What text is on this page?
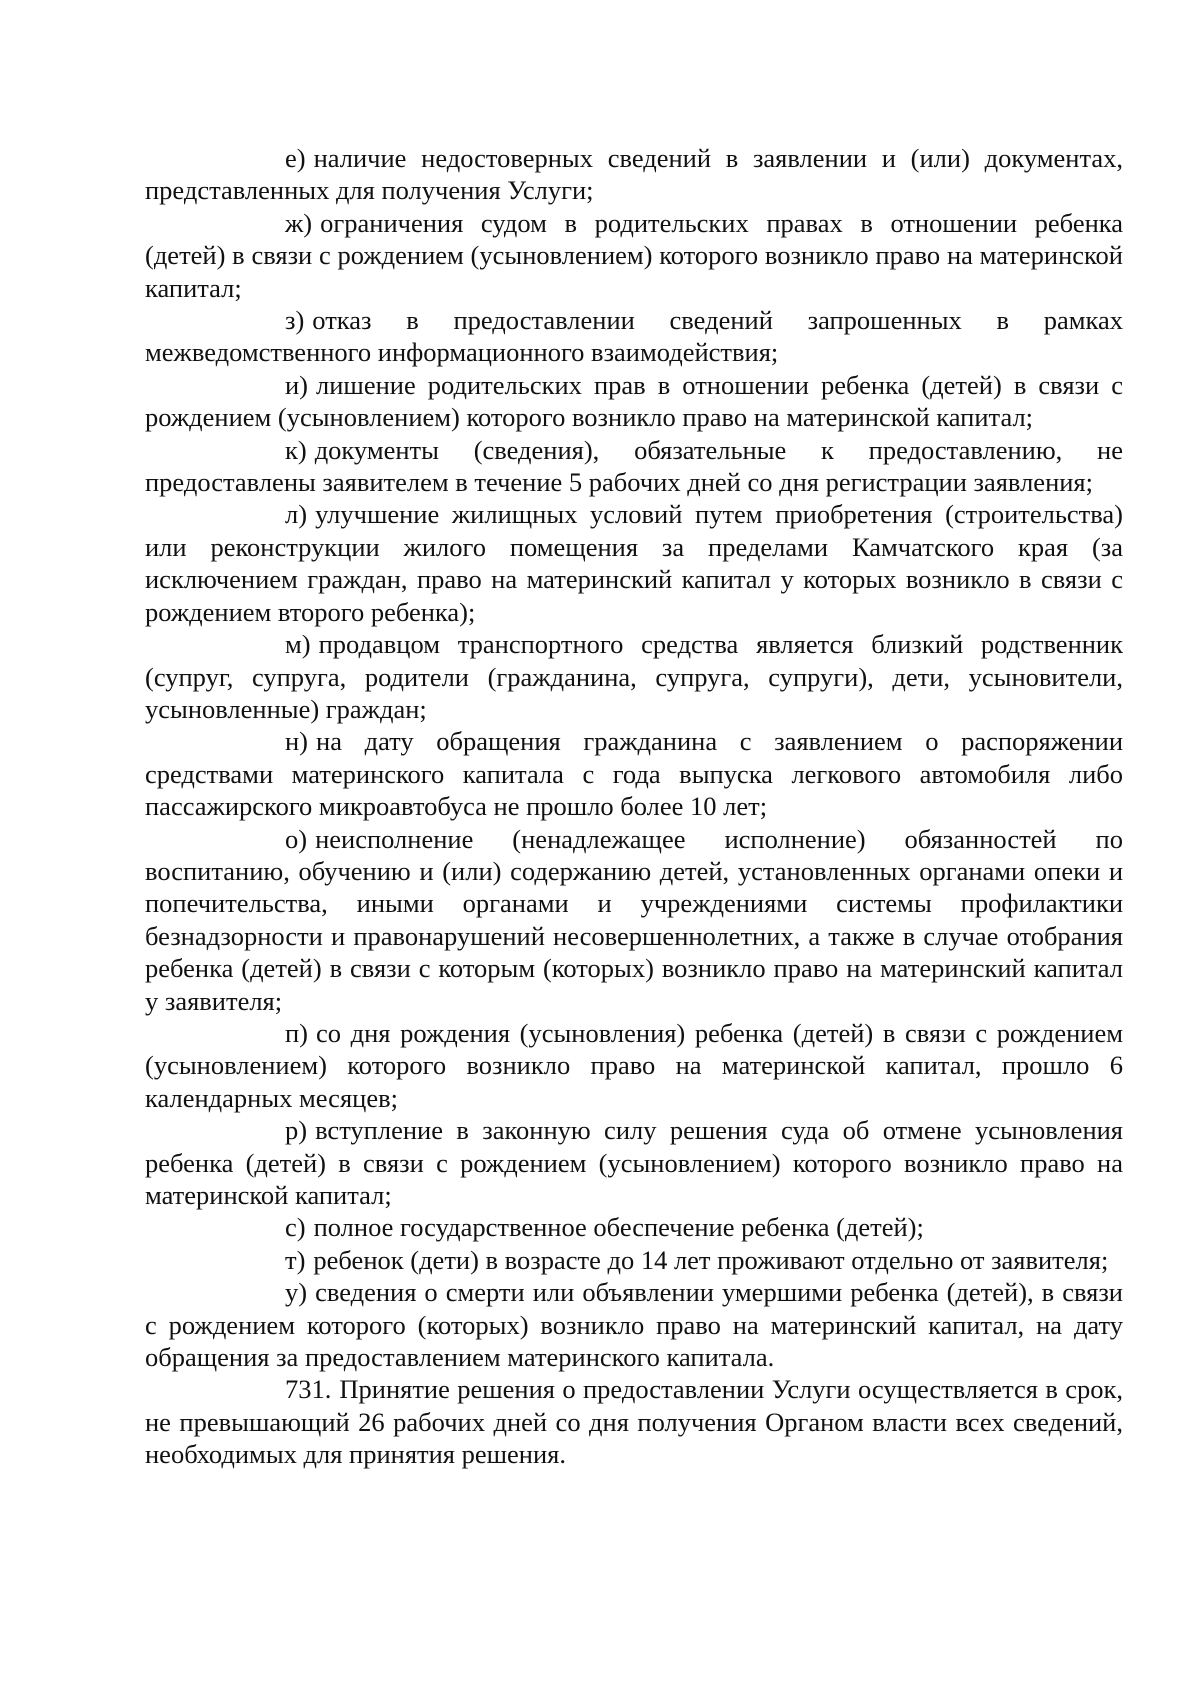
е) наличие недостоверных сведений в заявлении и (или) документах, представленных для получения Услуги;

ж) ограничения судом в родительских правах в отношении ребенка (детей) в связи с рождением (усыновлением) которого возникло право на материнской капитал;

з) отказ в предоставлении сведений запрошенных в рамках межведомственного информационного взаимодействия;

и) лишение родительских прав в отношении ребенка (детей) в связи с рождением (усыновлением) которого возникло право на материнской капитал;

к) документы (сведения), обязательные к предоставлению, не предоставлены заявителем в течение 5 рабочих дней со дня регистрации заявления;

л) улучшение жилищных условий путем приобретения (строительства) или реконструкции жилого помещения за пределами Камчатского края (за исключением граждан, право на материнский капитал у которых возникло в связи с рождением второго ребенка);

м) продавцом транспортного средства является близкий родственник (супруг, супруга, родители (гражданина, супруга, супруги), дети, усыновители, усыновленные) граждан;

н) на дату обращения гражданина с заявлением о распоряжении средствами материнского капитала с года выпуска легкового автомобиля либо пассажирского микроавтобуса не прошло более 10 лет;

о) неисполнение (ненадлежащее исполнение) обязанностей по воспитанию, обучению и (или) содержанию детей, установленных органами опеки и попечительства, иными органами и учреждениями системы профилактики безнадзорности и правонарушений несовершеннолетних, а также в случае отобрания ребенка (детей) в связи с которым (которых) возникло право на материнский капитал у заявителя;

п) со дня рождения (усыновления) ребенка (детей) в связи с рождением (усыновлением) которого возникло право на материнской капитал, прошло 6 календарных месяцев;

р) вступление в законную силу решения суда об отмене усыновления ребенка (детей) в связи с рождением (усыновлением) которого возникло право на материнской капитал;

с) полное государственное обеспечение ребенка (детей);

т) ребенок (дети) в возрасте до 14 лет проживают отдельно от заявителя;

у) сведения о смерти или объявлении умершими ребенка (детей), в связи с рождением которого (которых) возникло право на материнский капитал, на дату обращения за предоставлением материнского капитала.

731. Принятие решения о предоставлении Услуги осуществляется в срок, не превышающий 26 рабочих дней со дня получения Органом власти всех сведений, необходимых для принятия решения.
